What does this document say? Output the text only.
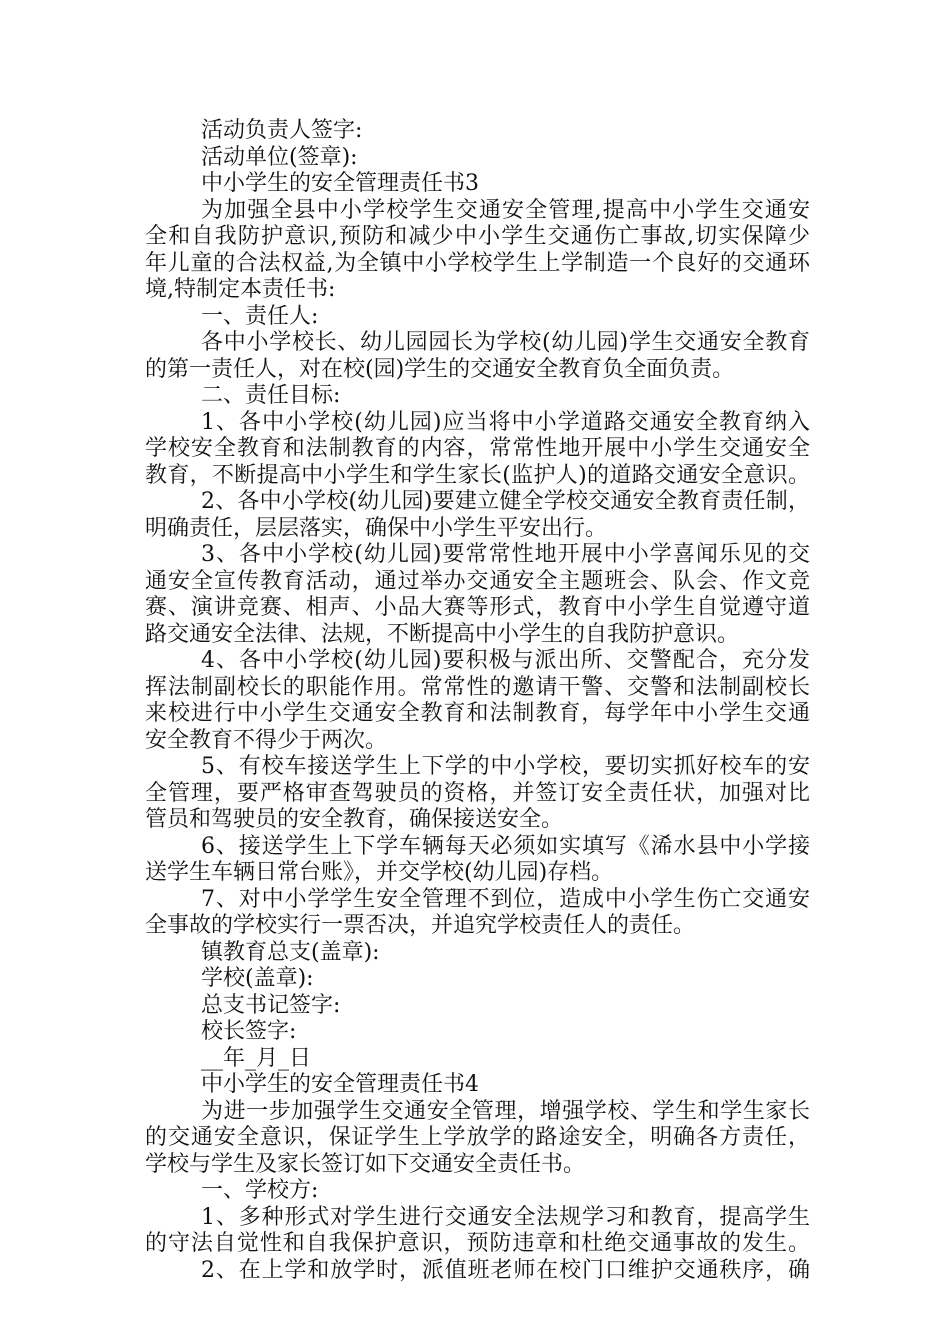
活动负责人签字:

活动单位(签章):

中小学生的安全管理责任书3

为加强全县中小学校学生交通安全管理,提高中小学生交通安

全和自我防护意识,预防和减少中小学生交通伤亡事故,切实保障少

年儿童的合法权益,为全镇中小学校学生上学制造一个良好的交通环

境,特制定本责任书:

一、责任人:

各中小学校长、幼儿园园长为学校(幼儿园)学生交通安全教育

的第一责任人，对在校(园)学生的交通安全教育负全面负责。

二、责任目标:

1、各中小学校(幼儿园)应当将中小学道路交通安全教育纳入

学校安全教育和法制教育的内容，常常性地开展中小学生交通安全

教育，不断提高中小学生和学生家长(监护人)的道路交通安全意识。

2、各中小学校(幼儿园)要建立健全学校交通安全教育责任制，

明确责任，层层落实，确保中小学生平安出行。

3、各中小学校(幼儿园)要常常性地开展中小学喜闻乐见的交

通安全宣传教育活动，通过举办交通安全主题班会、队会、作文竞

赛、演讲竞赛、相声、小品大赛等形式，教育中小学生自觉遵守道

路交通安全法律、法规，不断提高中小学生的自我防护意识。

4、各中小学校(幼儿园)要积极与派出所、交警配合，充分发

挥法制副校长的职能作用。常常性的邀请干警、交警和法制副校长

来校进行中小学生交通安全教育和法制教育，每学年中小学生交通

安全教育不得少于两次。

5、有校车接送学生上下学的中小学校，要切实抓好校车的安

全管理，要严格审查驾驶员的资格，并签订安全责任状，加强对比

管员和驾驶员的安全教育，确保接送安全。

6、接送学生上下学车辆每天必须如实填写《浠水县中小学接

送学生车辆日常台账》，并交学校(幼儿园)存档。

7、对中小学学生安全管理不到位，造成中小学生伤亡交通安

全事故的学校实行一票否决，并追究学校责任人的责任。

镇教育总支(盖章):

学校(盖章):

总支书记签字:

校长签字:

__年_月_日

中小学生的安全管理责任书4

为进一步加强学生交通安全管理，增强学校、学生和学生家长

的交通安全意识，保证学生上学放学的路途安全，明确各方责任，

学校与学生及家长签订如下交通安全责任书。

一、学校方:

1、多种形式对学生进行交通安全法规学习和教育，提高学生

的守法自觉性和自我保护意识，预防违章和杜绝交通事故的发生。

2、在上学和放学时，派值班老师在校门口维护交通秩序，确
